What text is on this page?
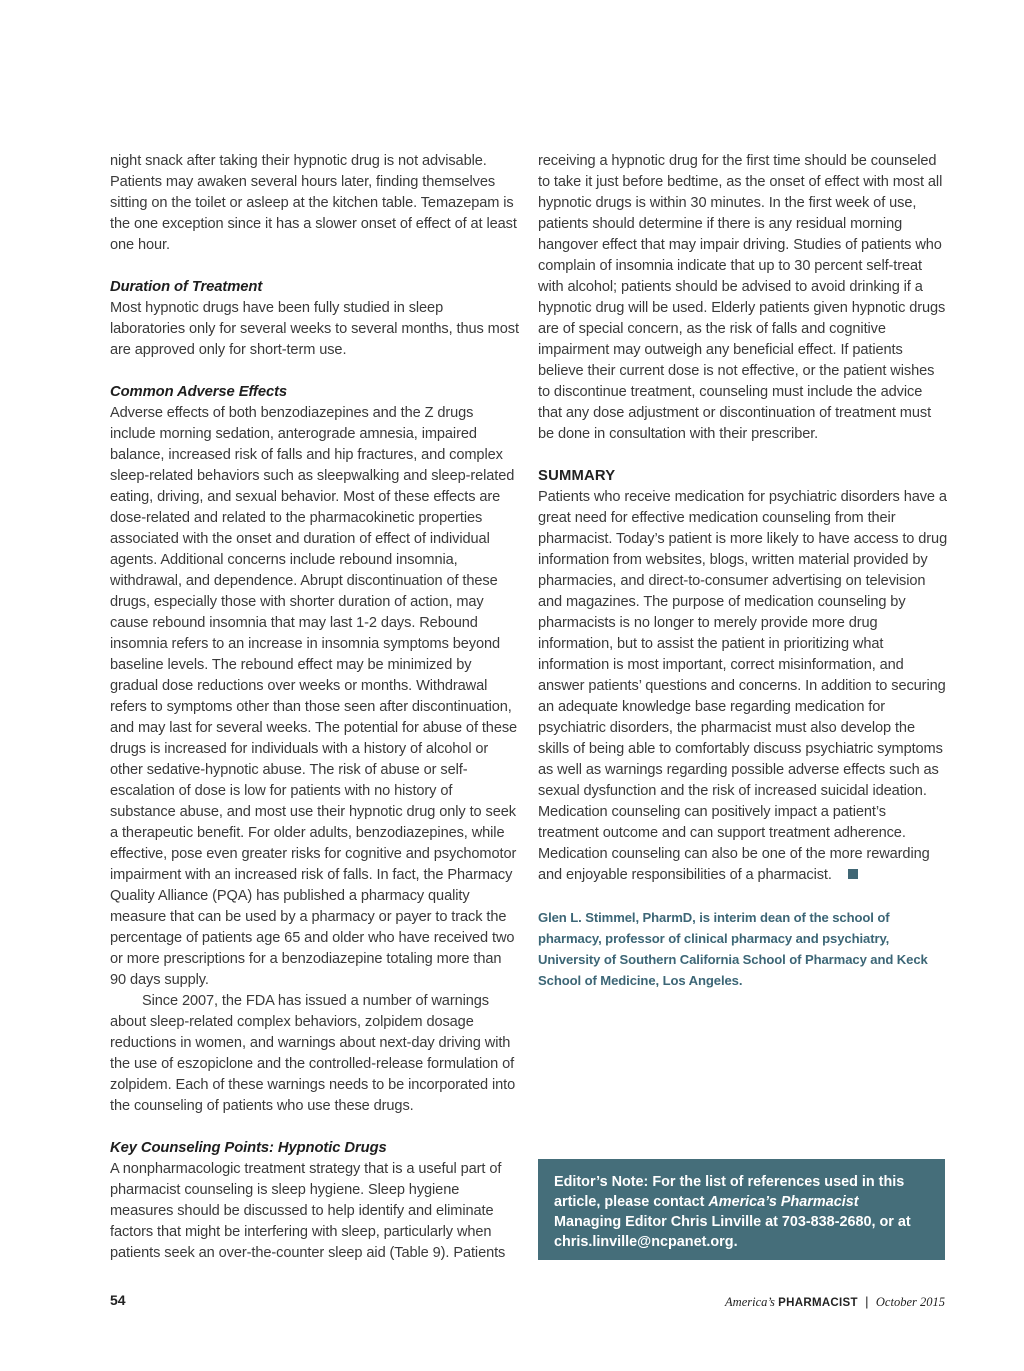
night snack after taking their hypnotic drug is not advisable. Patients may awaken several hours later, finding themselves sitting on the toilet or asleep at the kitchen table. Temazepam is the one exception since it has a slower onset of effect of at least one hour.

Duration of Treatment

Most hypnotic drugs have been fully studied in sleep laboratories only for several weeks to several months, thus most are approved only for short-term use.

Common Adverse Effects

Adverse effects of both benzodiazepines and the Z drugs include morning sedation, anterograde amnesia, impaired balance, increased risk of falls and hip fractures, and complex sleep-related behaviors such as sleepwalking and sleep-related eating, driving, and sexual behavior. Most of these effects are dose-related and related to the pharmacokinetic properties associated with the onset and duration of effect of individual agents. Additional concerns include rebound insomnia, withdrawal, and dependence. Abrupt discontinuation of these drugs, especially those with shorter duration of action, may cause rebound insomnia that may last 1-2 days. Rebound insomnia refers to an increase in insomnia symptoms beyond baseline levels. The rebound effect may be minimized by gradual dose reductions over weeks or months. Withdrawal refers to symptoms other than those seen after discontinuation, and may last for several weeks. The potential for abuse of these drugs is increased for individuals with a history of alcohol or other sedative-hypnotic abuse. The risk of abuse or self-escalation of dose is low for patients with no history of substance abuse, and most use their hypnotic drug only to seek a therapeutic benefit. For older adults, benzodiazepines, while effective, pose even greater risks for cognitive and psychomotor impairment with an increased risk of falls. In fact, the Pharmacy Quality Alliance (PQA) has published a pharmacy quality measure that can be used by a pharmacy or payer to track the percentage of patients age 65 and older who have received two or more prescriptions for a benzodiazepine totaling more than 90 days supply.

Since 2007, the FDA has issued a number of warnings about sleep-related complex behaviors, zolpidem dosage reductions in women, and warnings about next-day driving with the use of eszopiclone and the controlled-release formulation of zolpidem. Each of these warnings needs to be incorporated into the counseling of patients who use these drugs.

Key Counseling Points: Hypnotic Drugs

A nonpharmacologic treatment strategy that is a useful part of pharmacist counseling is sleep hygiene. Sleep hygiene measures should be discussed to help identify and eliminate factors that might be interfering with sleep, particularly when patients seek an over-the-counter sleep aid (Table 9). Patients

receiving a hypnotic drug for the first time should be counseled to take it just before bedtime, as the onset of effect with most all hypnotic drugs is within 30 minutes. In the first week of use, patients should determine if there is any residual morning hangover effect that may impair driving. Studies of patients who complain of insomnia indicate that up to 30 percent self-treat with alcohol; patients should be advised to avoid drinking if a hypnotic drug will be used. Elderly patients given hypnotic drugs are of special concern, as the risk of falls and cognitive impairment may outweigh any beneficial effect. If patients believe their current dose is not effective, or the patient wishes to discontinue treatment, counseling must include the advice that any dose adjustment or discontinuation of treatment must be done in consultation with their prescriber.

SUMMARY

Patients who receive medication for psychiatric disorders have a great need for effective medication counseling from their pharmacist. Today’s patient is more likely to have access to drug information from websites, blogs, written material provided by pharmacies, and direct-to-consumer advertising on television and magazines. The purpose of medication counseling by pharmacists is no longer to merely provide more drug information, but to assist the patient in prioritizing what information is most important, correct misinformation, and answer patients’ questions and concerns. In addition to securing an adequate knowledge base regarding medication for psychiatric disorders, the pharmacist must also develop the skills of being able to comfortably discuss psychiatric symptoms as well as warnings regarding possible adverse effects such as sexual dysfunction and the risk of increased suicidal ideation. Medication counseling can positively impact a patient’s treatment outcome and can support treatment adherence. Medication counseling can also be one of the more rewarding and enjoyable responsibilities of a pharmacist.

Glen L. Stimmel, PharmD, is interim dean of the school of pharmacy, professor of clinical pharmacy and psychiatry, University of Southern California School of Pharmacy and Keck School of Medicine, Los Angeles.

Editor’s Note: For the list of references used in this article, please contact America’s Pharmacist Managing Editor Chris Linville at 703-838-2680, or at chris.linville@ncpanet.org.
54	America’s PHARMACIST | October 2015
